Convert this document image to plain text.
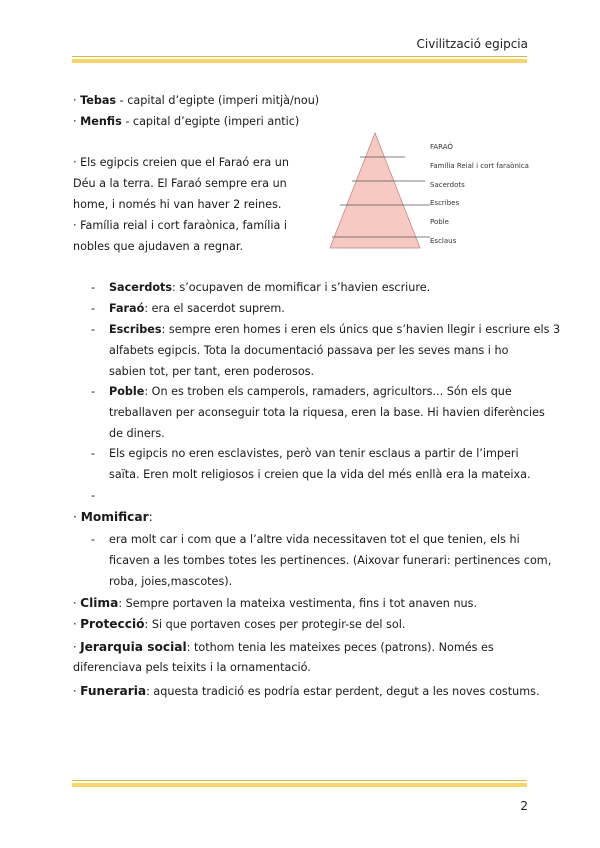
Civilització egipcia
· Tebas - capital d’egipte (imperi mitjà/nou)
· Menfis - capital d’egipte (imperi antic)
· Els egipcis creien que el Faraó era un
Déu a la terra. El Faraó sempre era un
home, i només hi van haver 2 reines.
· Família reial i cort faraònica, família i
nobles que ajudaven a regnar.
FARAÓ
Família Reial i cort faraònica
Sacerdots
Escribes
Poble
Esclaus
- Sacerdots: s’ocupaven de momificar i s’havien escriure.
- Faraó: era el sacerdot suprem.
- Escribes: sempre eren homes i eren els únics que s’havien llegir i escriure els 3
alfabets egipcis. Tota la documentació passava per les seves mans i ho
sabien tot, per tant, eren poderosos.
- Poble: On es troben els camperols, ramaders, agricultors... Són els que
treballaven per aconseguir tota la riquesa, eren la base. Hi havien diferències
de diners.
- Els egipcis no eren esclavistes, però van tenir esclaus a partir de l’imperi
saïta. Eren molt religiosos i creien que la vida del més enllà era la mateixa.
-
· Momificar:
- era molt car i com que a l’altre vida necessitaven tot el que tenien, els hi
ficaven a les tombes totes les pertinences. (Aixovar funerari: pertinences com,
roba, joies,mascotes).
· Clima: Sempre portaven la mateixa vestimenta, fins i tot anaven nus.
· Protecció: Si que portaven coses per protegir-se del sol.
· Jerarquia social: tothom tenia les mateixes peces (patrons). Només es
diferenciava pels teixits i la ornamentació.
· Funeraria: aquesta tradició es podría estar perdent, degut a les noves costums.
2
